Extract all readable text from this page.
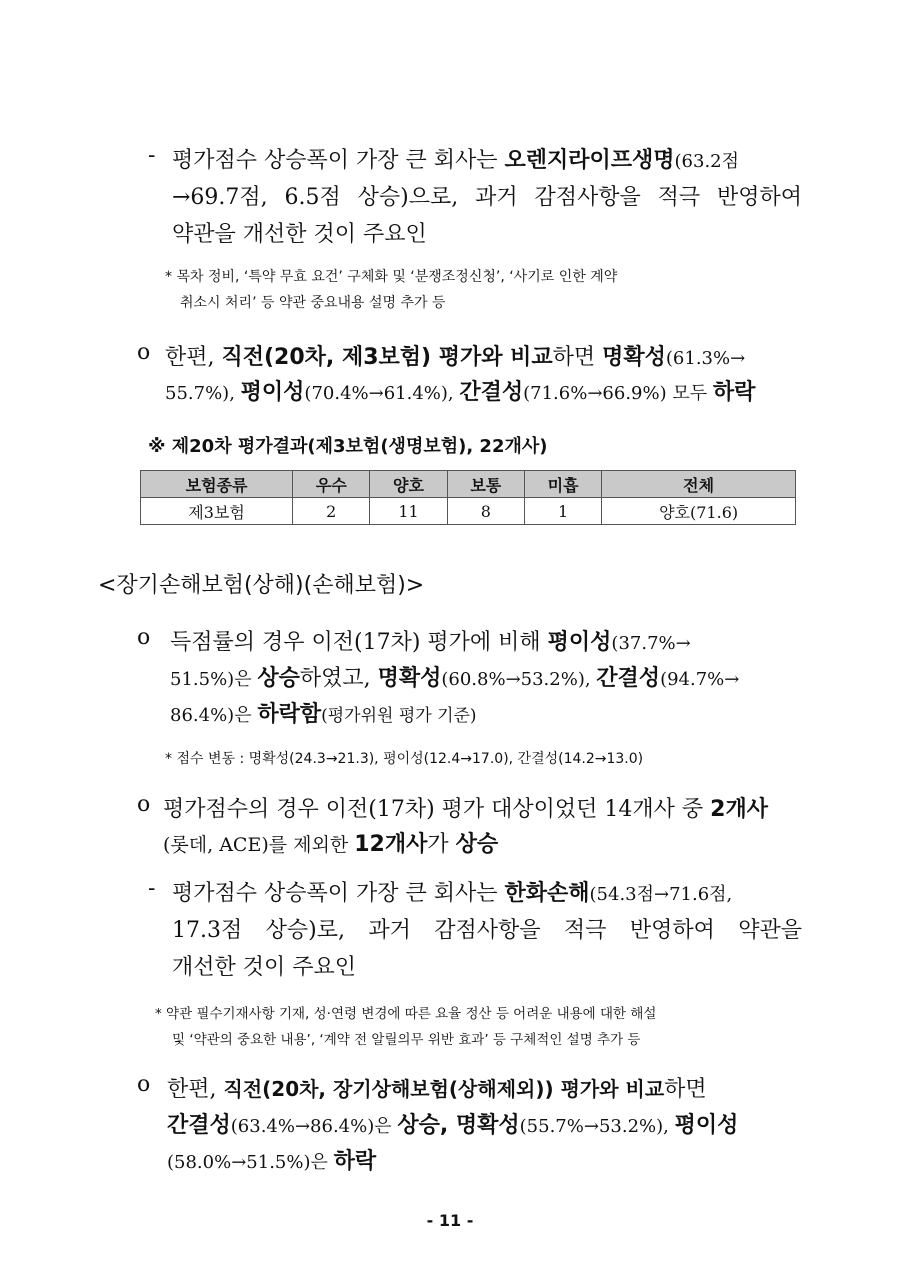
- 평가점수 상승폭이 가장 큰 회사는 오렌지라이프생명(63.2점
→69.7점, 6.5점 상승)으로, 과거 감점사항을 적극 반영하여
약관을 개선한 것이 주요인
* 목차 정비, ‘특약 무효 요건’ 구체화 및 ‘분쟁조정신청’, ‘사기로 인한 계약
취소시 처리’ 등 약관 중요내용 설명 추가 등
o 한편, 직전(20차, 제3보험) 평가와 비교하면 명확성(61.3%→
55.7%), 평이성(70.4%→61.4%), 간결성(71.6%→66.9%) 모두 하락
※ 제20차 평가결과(제3보험(생명보험), 22개사)
보험종류	우수	양호	보통	미흡	전체
제3보험	2	11	8	1	양호(71.6)
<장기손해보험(상해)(손해보험)>
o 득점률의 경우 이전(17차) 평가에 비해 평이성(37.7%→
51.5%)은 상승하였고, 명확성(60.8%→53.2%), 간결성(94.7%→
86.4%)은 하락함(평가위원 평가 기준)
* 점수 변동 : 명확성(24.3→21.3), 평이성(12.4→17.0), 간결성(14.2→13.0)
o 평가점수의 경우 이전(17차) 평가 대상이었던 14개사 중 2개사
(롯데, ACE)를 제외한 12개사가 상승
- 평가점수 상승폭이 가장 큰 회사는 한화손해(54.3점→71.6점,
17.3점 상승)로, 과거 감점사항을 적극 반영하여 약관을
개선한 것이 주요인
* 약관 필수기재사항 기재, 성·연령 변경에 따른 요율 정산 등 어려운 내용에 대한 해설
및 ‘약관의 중요한 내용’, ‘계약 전 알릴의무 위반 효과’ 등 구체적인 설명 추가 등
o 한편, 직전(20차, 장기상해보험(상해제외)) 평가와 비교하면
간결성(63.4%→86.4%)은 상승, 명확성(55.7%→53.2%), 평이성
(58.0%→51.5%)은 하락
- 11 -
